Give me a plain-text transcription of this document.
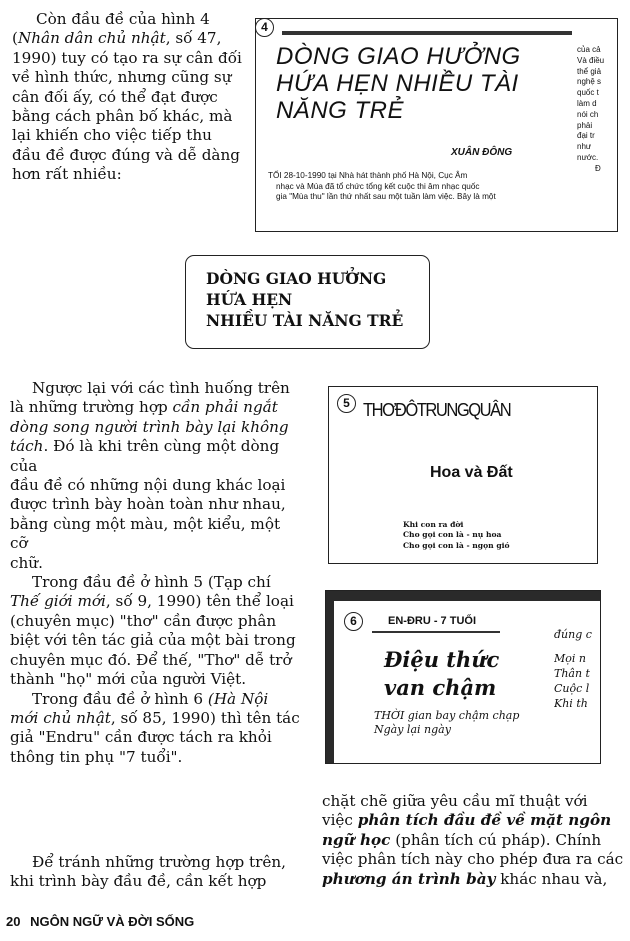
Còn đầu đề của hình 4
(Nhân dân chủ nhật, số 47,
1990) tuy có tạo ra sự cân đối
về hình thức, nhưng cũng sự
cân đối ấy, có thể đạt được
bằng cách phân bố khác, mà
lại khiến cho việc tiếp thu
đầu đề được đúng và dễ dàng
hơn rất nhiều:
4
DÒNG GIAO HƯỞNG
HỨA HẸN NHIỀU TÀI
NĂNG TRẺ
XUÂN ĐÔNG
TỐI 28-10-1990 tại Nhà hát thành phố Hà Nội, Cục Âm
nhạc và Múa đã tổ chức tổng kết cuộc thi âm nhạc quốc
gia "Mùa thu" lần thứ nhất sau một tuần làm việc. Bây là một
của cả
Và điều
thể giả
nghệ s
quốc t
làm d
nói ch
phải
đại tr
như
nước.
Đ
DÒNG GIAO HƯỞNG
HỨA HẸN
NHIỀU TÀI NĂNG TRẺ
Ngược lại với các tình huống trên
là những trường hợp cần phải ngắt
dòng song người trình bày lại không
tách. Đó là khi trên cùng một dòng của
đầu đề có những nội dung khác loại
được trình bày hoàn toàn như nhau,
bằng cùng một màu, một kiểu, một cỡ
chữ.
Trong đầu đề ở hình 5 (Tạp chí
Thế giới mới, số 9, 1990) tên thể loại
(chuyên mục) "thơ" cần được phân
biệt với tên tác giả của một bài trong
chuyên mục đó. Để thế, "Thơ" dễ trở
thành "họ" mới của người Việt.
Trong đầu đề ở hình 6 (Hà Nội
mới chủ nhật, số 85, 1990) thì tên tác
giả "Endru" cần được tách ra khỏi
thông tin phụ "7 tuổi".
Để tránh những trường hợp trên,
khi trình bày đầu đề, cần kết hợp
5 THƠĐÔTRUNGQUÂN
Hoa và Đất
Khi con ra đời
Cho gọi con là - nụ hoa
Cho gọi con là - ngọn gió
6	EN-ĐRU - 7 TUỔI
Điệu thức
van chậm
THỜI gian bay chậm chạp
Ngày lại ngày
đúng c
Mọi n
Thân t
Cuộc l
Khi th
chặt chẽ giữa yêu cầu mĩ thuật với
việc phân tích đầu đề về mặt ngôn
ngữ học (phân tích cú pháp). Chính
việc phân tích này cho phép đưa ra các
phương án trình bày khác nhau và,
20 NGÔN NGỮ VÀ ĐỜI SỐNG
